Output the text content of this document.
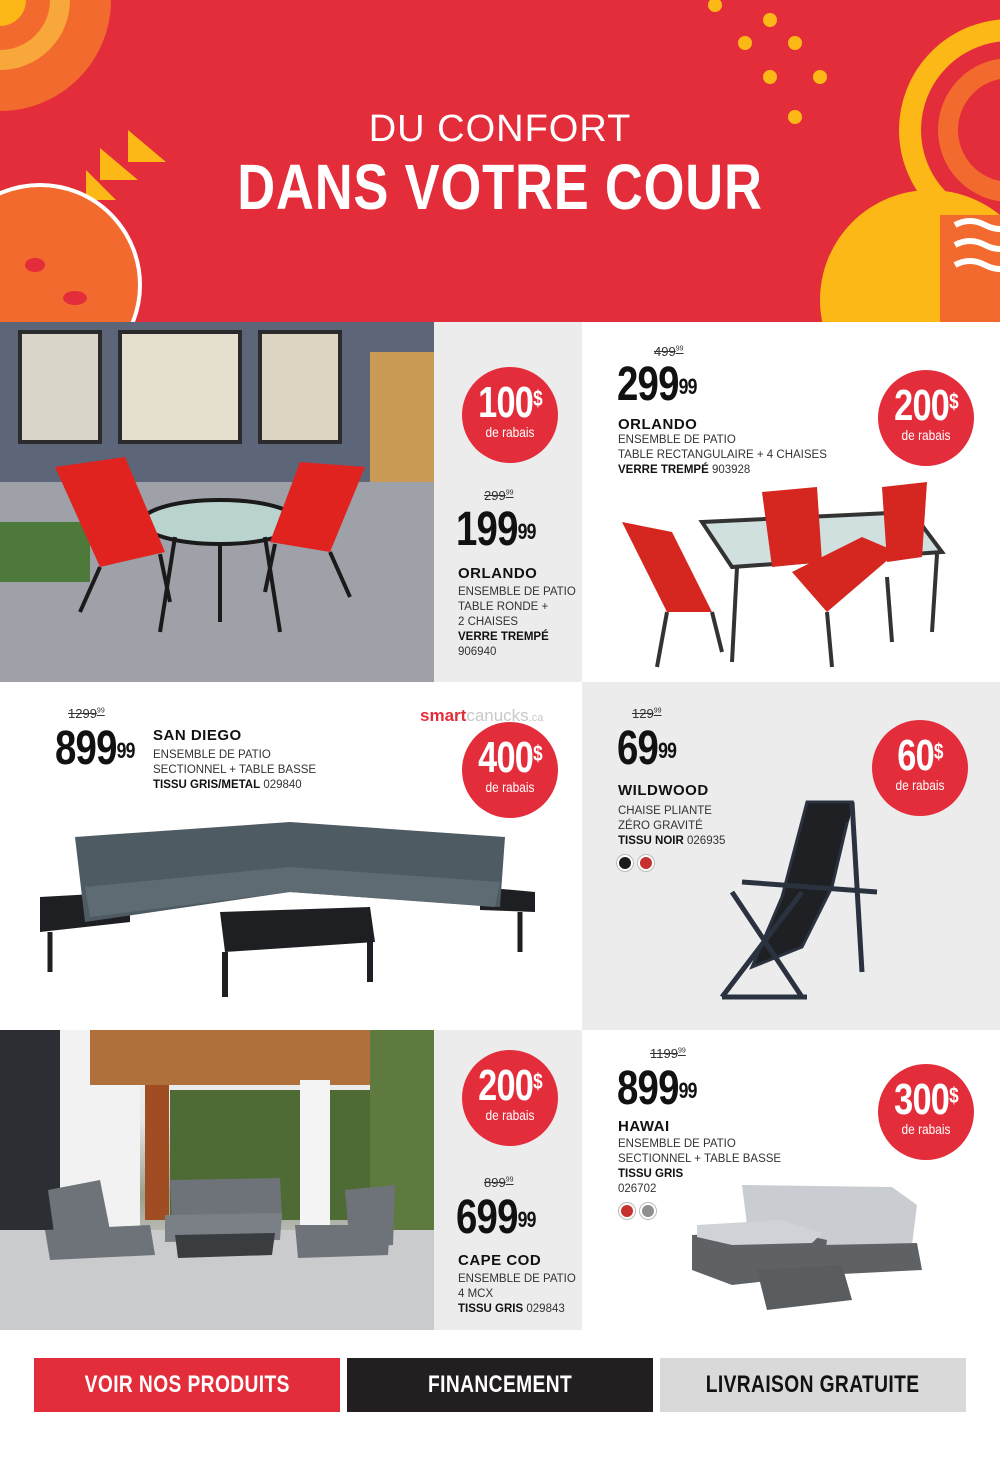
DU CONFORT
DANS VOTRE COUR
100$
de rabais
$299^{99}$
$199^{99}$
ORLANDO
ENSEMBLE DE PATIO
TABLE RONDE +
2 CHAISES
VERRE TREMPÉ
906940
$499^{99}$
$299^{99}$
ORLANDO
ENSEMBLE DE PATIO
TABLE RECTANGULAIRE + 4 CHAISES
VERRE TREMPÉ 903928
200$
de rabais
1299$^{99}$
$899^{99}$
SAN DIEGO
ENSEMBLE DE PATIO
SECTIONNEL + TABLE BASSE
TISSU GRIS/METAL 029840
400$
de rabais
smartcanucks.ca	$129^{99}$
$69^{99}$
WILDWOOD
CHAISE PLIANTE
ZÉRO GRAVITÉ
TISSU NOIR 026935
60$
de rabais
200$
de rabais
$899^{99}$
$699^{99}$
CAPE COD
ENSEMBLE DE PATIO
4 MCX
TISSU GRIS 029843
1199$^{99}$
$899^{99}$
HAWAI
ENSEMBLE DE PATIO
SECTIONNEL + TABLE BASSE
TISSU GRIS
026702
300$
de rabais
VOIR NOS PRODUITS	FINANCEMENT	LIVRAISON GRATUITE
